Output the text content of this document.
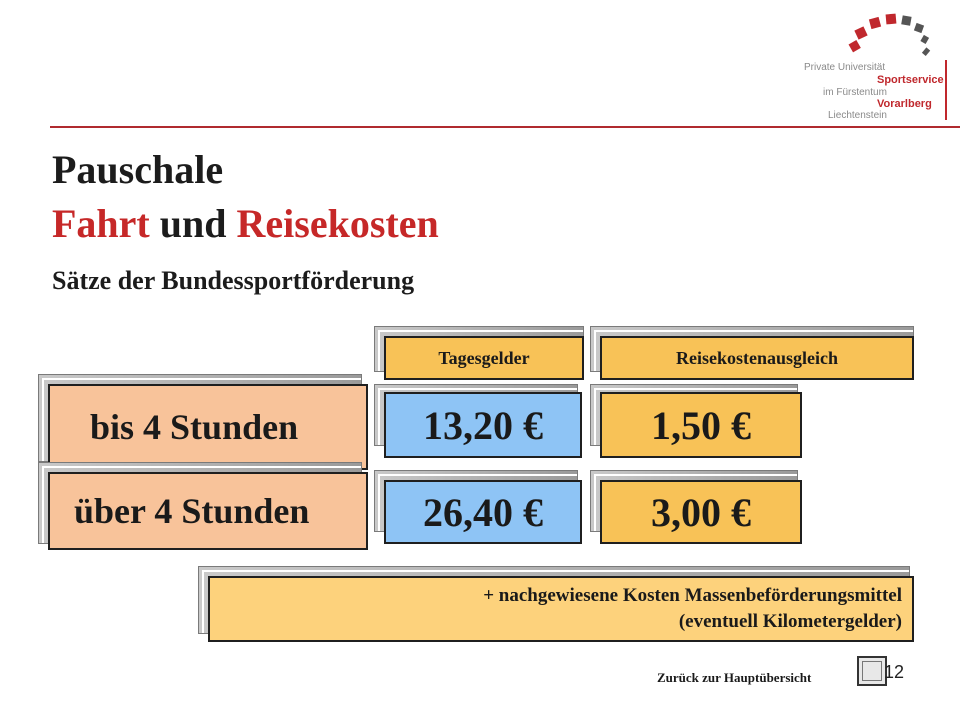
Private Universität
Sportservice
im Fürstentum
Vorarlberg
Liechtenstein
Pauschale
Fahrt und Reisekosten
Sätze der Bundessportförderung
Tagesgelder	Reisekostenausgleich
bis 4 Stunden	13,20 €	1,50 €
über 4 Stunden	26,40 €	3,00 €
+ nachgewiesene Kosten Massenbeförderungsmittel
(eventuell Kilometergelder)
Zurück zur Hauptübersicht	12
